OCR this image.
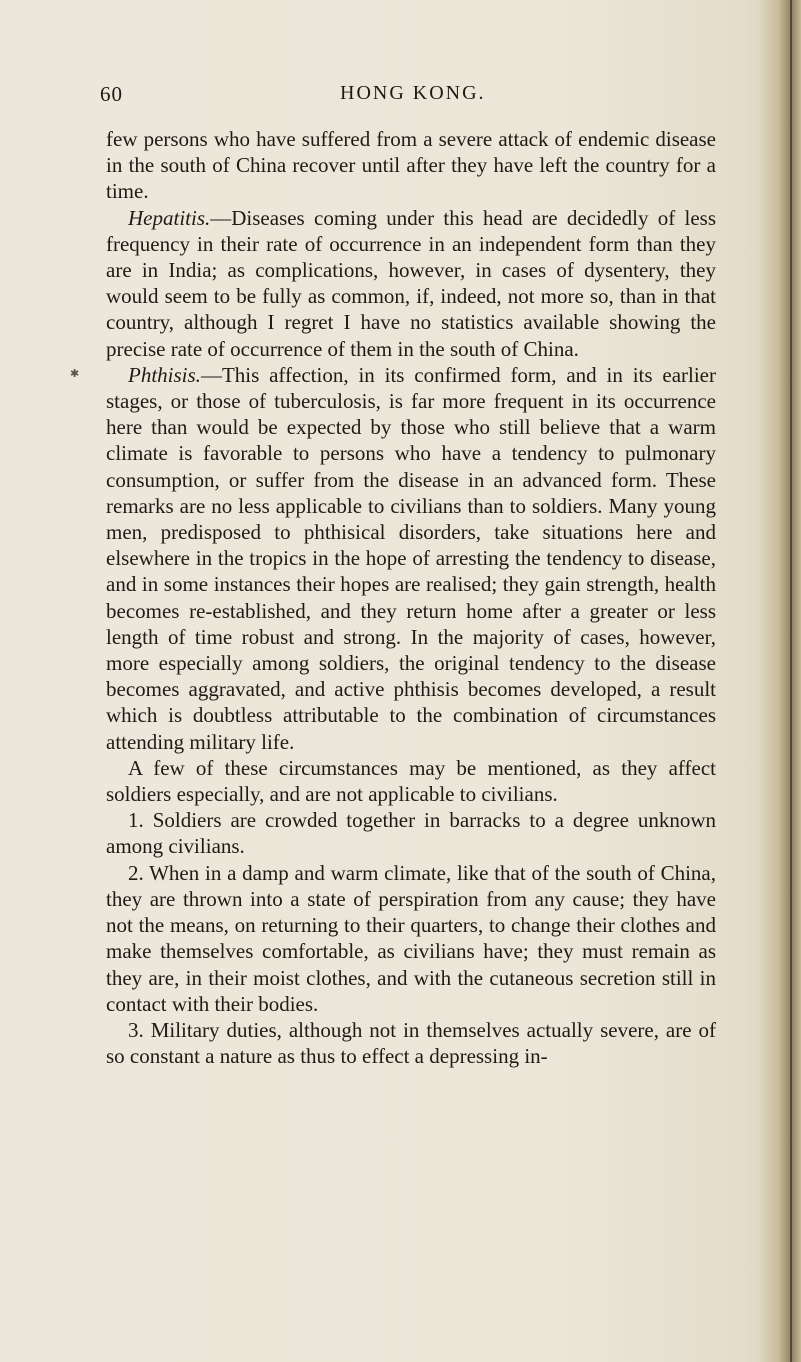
60	HONG KONG.

few persons who have suffered from a severe attack of endemic disease in the south of China recover until after they have left the country for a time.

Hepatitis.—Diseases coming under this head are decidedly of less frequency in their rate of occurrence in an independent form than they are in India; as complications, however, in cases of dysentery, they would seem to be fully as common, if, indeed, not more so, than in that country, although I regret I have no statistics available showing the precise rate of occurrence of them in the south of China.

Phthisis.—This affection, in its confirmed form, and in its earlier stages, or those of tuberculosis, is far more frequent in its occurrence here than would be expected by those who still believe that a warm climate is favorable to persons who have a tendency to pulmonary consumption, or suffer from the disease in an advanced form. These remarks are no less applicable to civilians than to soldiers. Many young men, predisposed to phthisical disorders, take situations here and elsewhere in the tropics in the hope of arresting the tendency to disease, and in some instances their hopes are realised; they gain strength, health becomes re-established, and they return home after a greater or less length of time robust and strong. In the majority of cases, however, more especially among soldiers, the original tendency to the disease becomes aggravated, and active phthisis becomes developed, a result which is doubtless attributable to the combination of circumstances attending military life.

A few of these circumstances may be mentioned, as they affect soldiers especially, and are not applicable to civilians.

1. Soldiers are crowded together in barracks to a degree unknown among civilians.

2. When in a damp and warm climate, like that of the south of China, they are thrown into a state of perspiration from any cause; they have not the means, on returning to their quarters, to change their clothes and make themselves comfortable, as civilians have; they must remain as they are, in their moist clothes, and with the cutaneous secretion still in contact with their bodies.

3. Military duties, although not in themselves actually severe, are of so constant a nature as thus to effect a depressing in-

✱
